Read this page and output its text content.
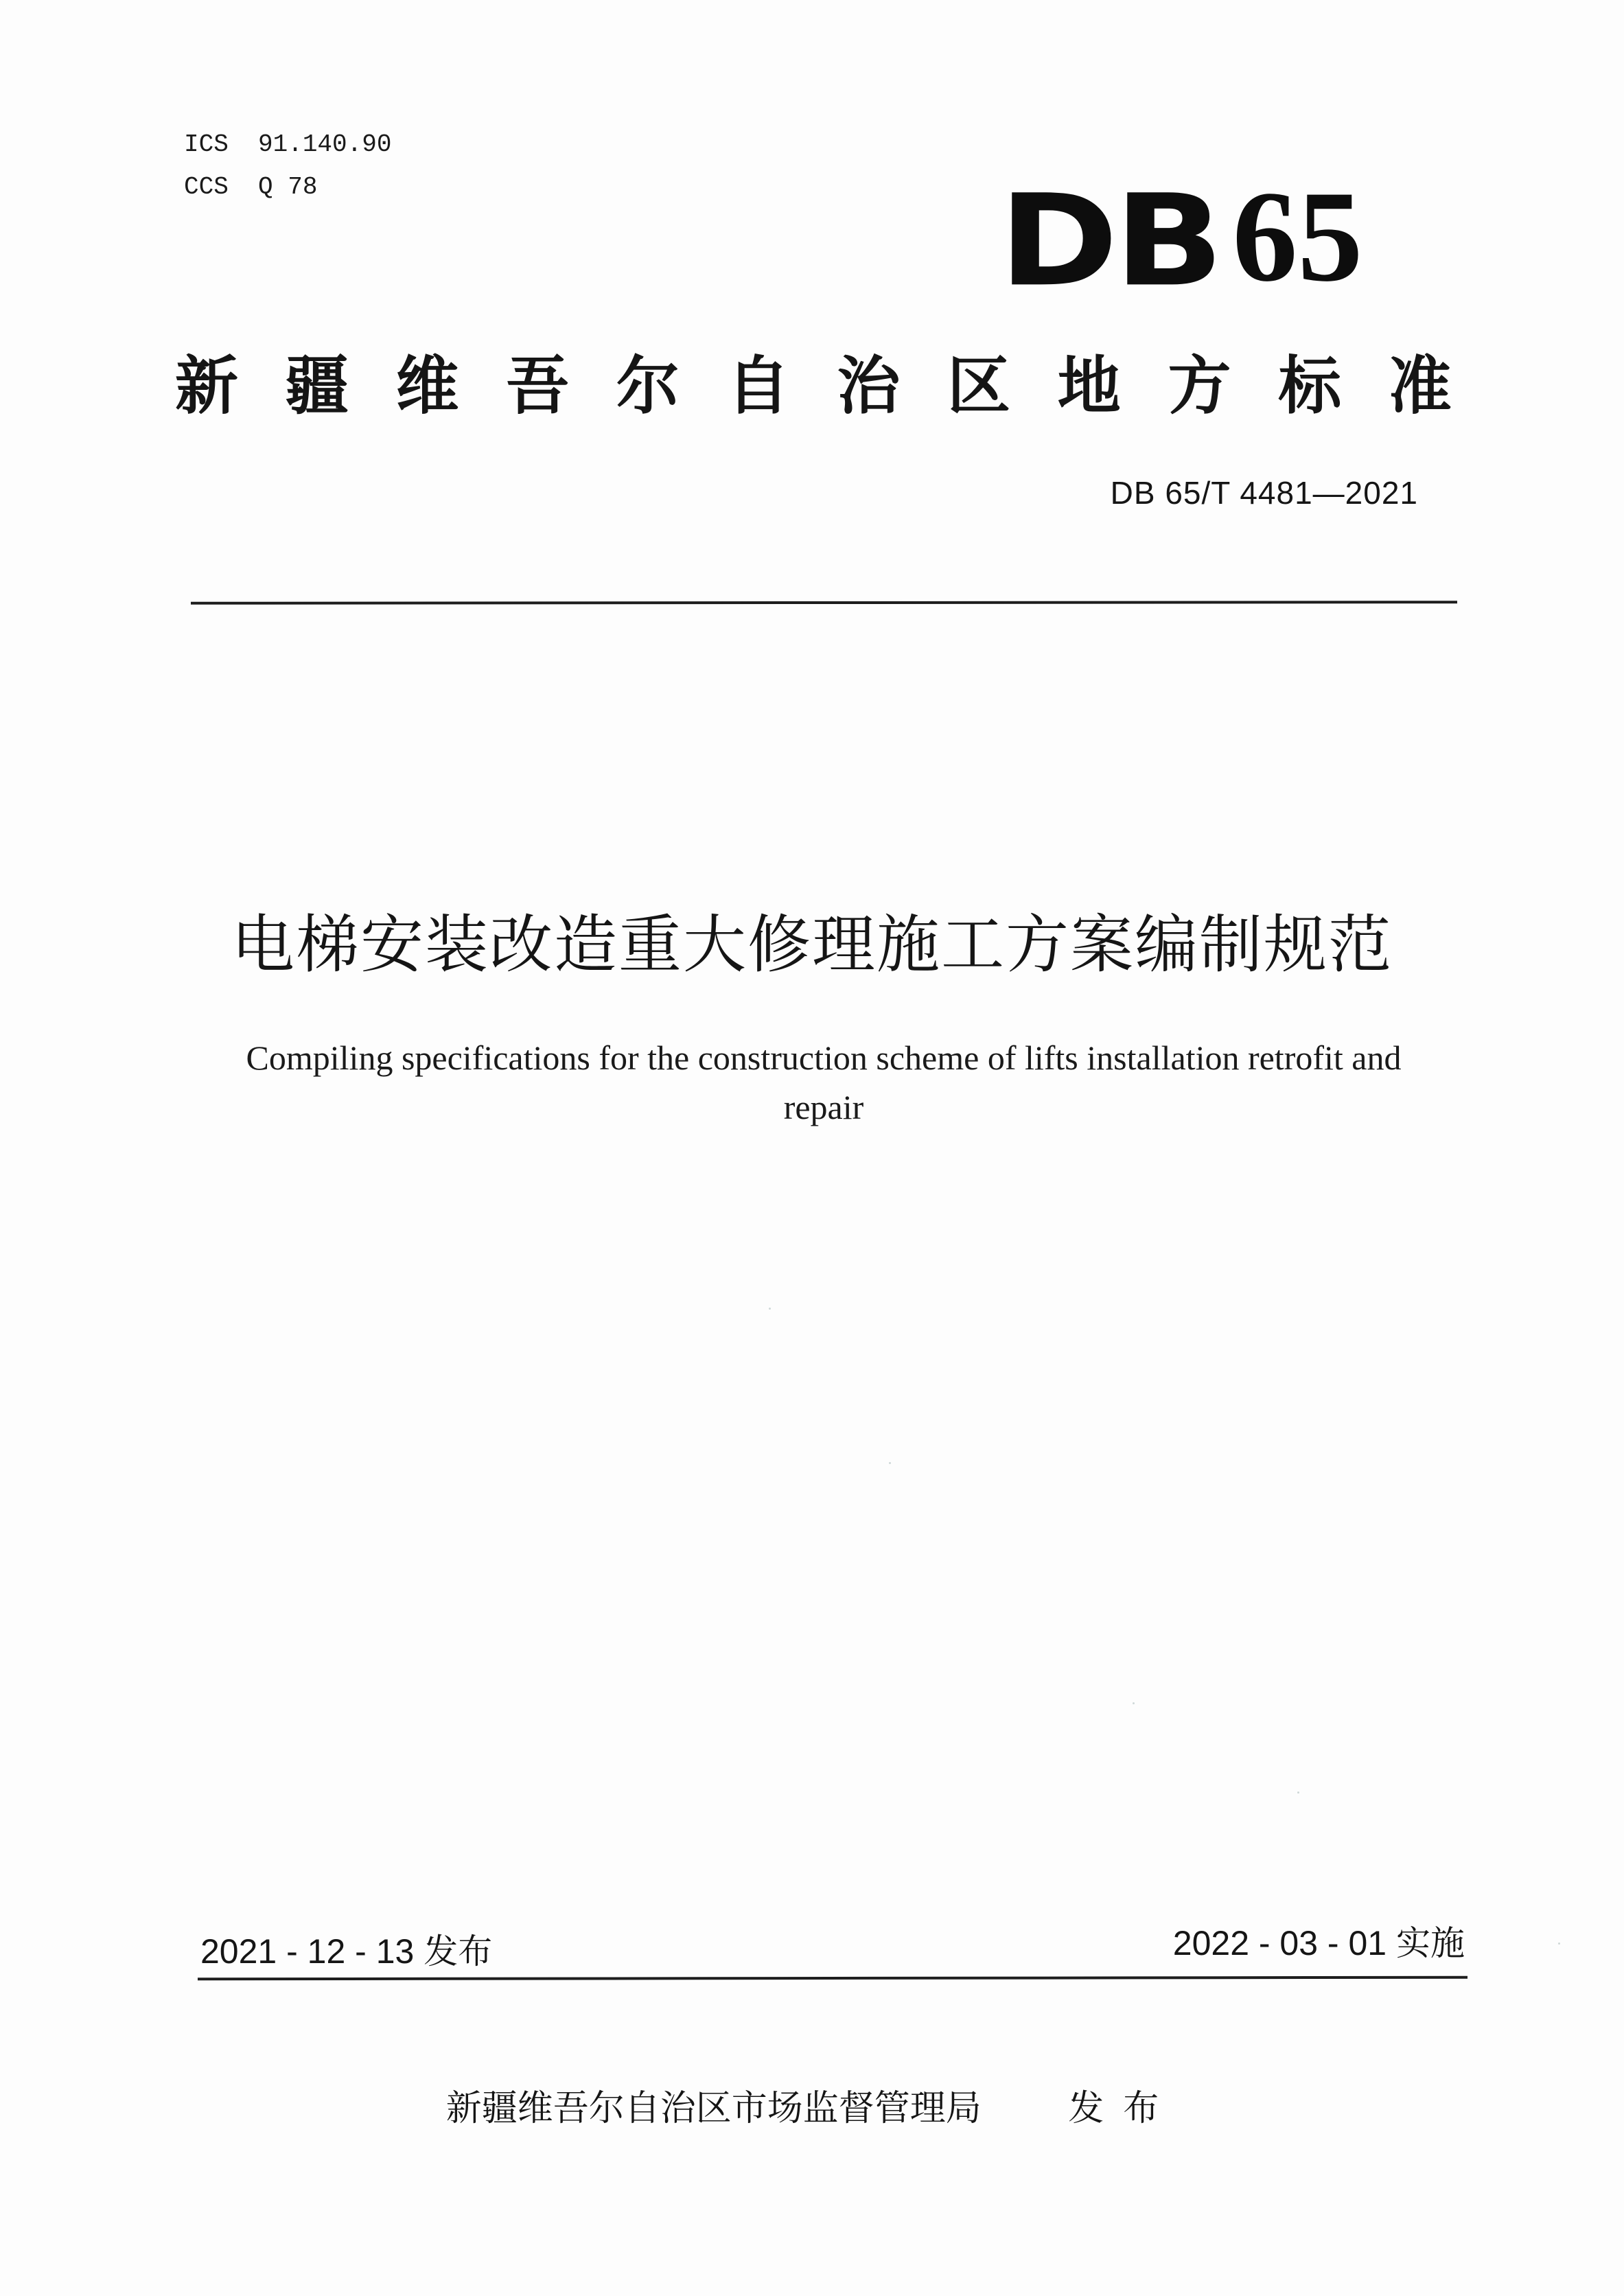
ICS  91.140.90
CCS  Q 78	DB 65
新 疆 维 吾 尔 自 治 区 地 方 标 准
DB 65/T 4481—2021
电梯安装改造重大修理施工方案编制规范
Compiling specifications for the construction scheme of lifts installation retrofit and
repair
2021 - 12 - 13 发布	2022 - 03 - 01 实施
新疆维吾尔自治区市场监督管理局 发布
